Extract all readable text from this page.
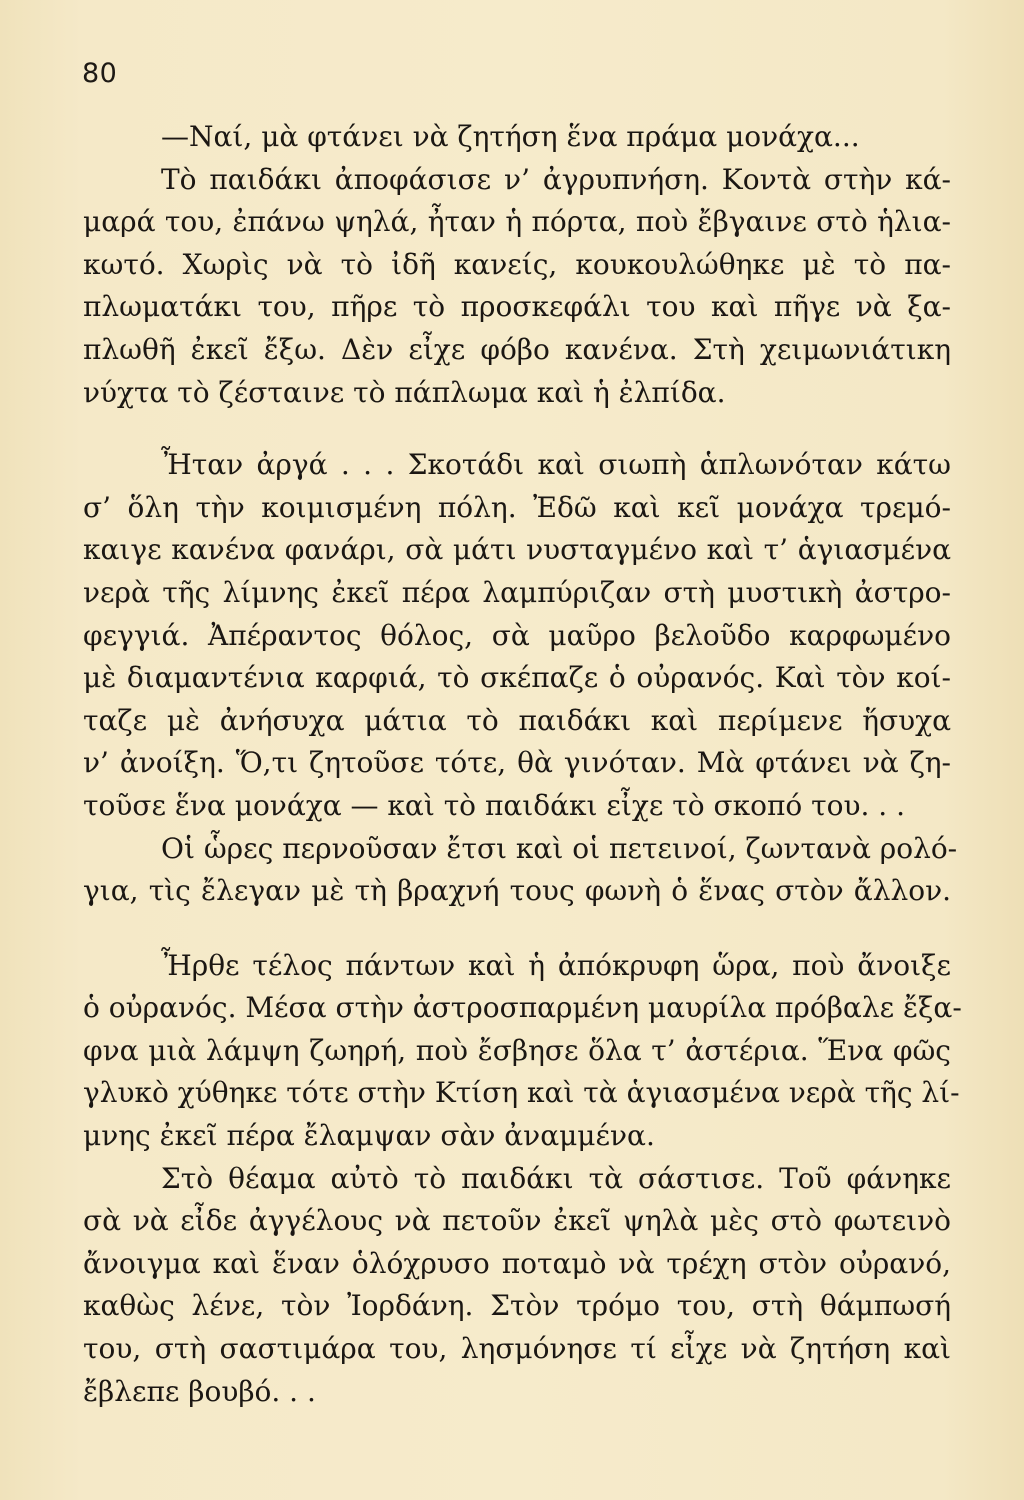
80
—Ναί, μὰ φτάνει νὰ ζητήση ἕνα πράμα μονάχα...
Τὸ παιδάκι ἀποφάσισε ν’ ἀγρυπνήση. Κοντὰ στὴν κά-
μαρά του, ἐπάνω ψηλά, ἦταν ἡ πόρτα, ποὺ ἔβγαινε στὸ ἡλια-
κωτό. Χωρὶς νὰ τὸ ἰδῆ κανείς, κουκουλώθηκε μὲ τὸ πα-
πλωματάκι του, πῆρε τὸ προσκεφάλι του καὶ πῆγε νὰ ξα-
πλωθῆ ἐκεῖ ἔξω. Δὲν εἶχε φόβο κανένα. Στὴ χειμωνιάτικη
νύχτα τὸ ζέσταινε τὸ πάπλωμα καὶ ἡ ἐλπίδα.
Ἦταν ἀργά . . . Σκοτάδι καὶ σιωπὴ ἁπλωνόταν κάτω
σ’ ὅλη τὴν κοιμισμένη πόλη. Ἐδῶ καὶ κεῖ μονάχα τρεμό-
καιγε κανένα φανάρι, σὰ μάτι νυσταγμένο καὶ τ’ ἁγιασμένα
νερὰ τῆς λίμνης ἐκεῖ πέρα λαμπύριζαν στὴ μυστικὴ ἀστρο-
φεγγιά. Ἀπέραντος θόλος, σὰ μαῦρο βελοῦδο καρφωμένο
μὲ διαμαντένια καρφιά, τὸ σκέπαζε ὁ οὐρανός. Καὶ τὸν κοί-
ταζε μὲ ἀνήσυχα μάτια τὸ παιδάκι καὶ περίμενε ἥσυχα
ν’ ἀνοίξη. Ὅ,τι ζητοῦσε τότε, θὰ γινόταν. Μὰ φτάνει νὰ ζη-
τοῦσε ἕνα μονάχα — καὶ τὸ παιδάκι εἶχε τὸ σκοπό του. . .
Οἱ ὧρες περνοῦσαν ἔτσι καὶ οἱ πετεινοί, ζωντανὰ ρολό-
για, τὶς ἔλεγαν μὲ τὴ βραχνή τους φωνὴ ὁ ἕνας στὸν ἄλλον.
Ἦρθε τέλος πάντων καὶ ἡ ἀπόκρυφη ὥρα, ποὺ ἄνοιξε
ὁ οὐρανός. Μέσα στὴν ἀστροσπαρμένη μαυρίλα πρόβαλε ἔξα-
φνα μιὰ λάμψη ζωηρή, ποὺ ἔσβησε ὅλα τ’ ἀστέρια. Ἕνα φῶς
γλυκὸ χύθηκε τότε στὴν Κτίση καὶ τὰ ἁγιασμένα νερὰ τῆς λί-
μνης ἐκεῖ πέρα ἔλαμψαν σὰν ἀναμμένα.
Στὸ θέαμα αὐτὸ τὸ παιδάκι τὰ σάστισε. Τοῦ φάνηκε
σὰ νὰ εἶδε ἀγγέλους νὰ πετοῦν ἐκεῖ ψηλὰ μὲς στὸ φωτεινὸ
ἄνοιγμα καὶ ἕναν ὁλόχρυσο ποταμὸ νὰ τρέχη στὸν οὐρανό,
καθὼς λένε, τὸν Ἰορδάνη. Στὸν τρόμο του, στὴ θάμπωσή
του, στὴ σαστιμάρα του, λησμόνησε τί εἶχε νὰ ζητήση καὶ
ἔβλεπε βουβό. . .
